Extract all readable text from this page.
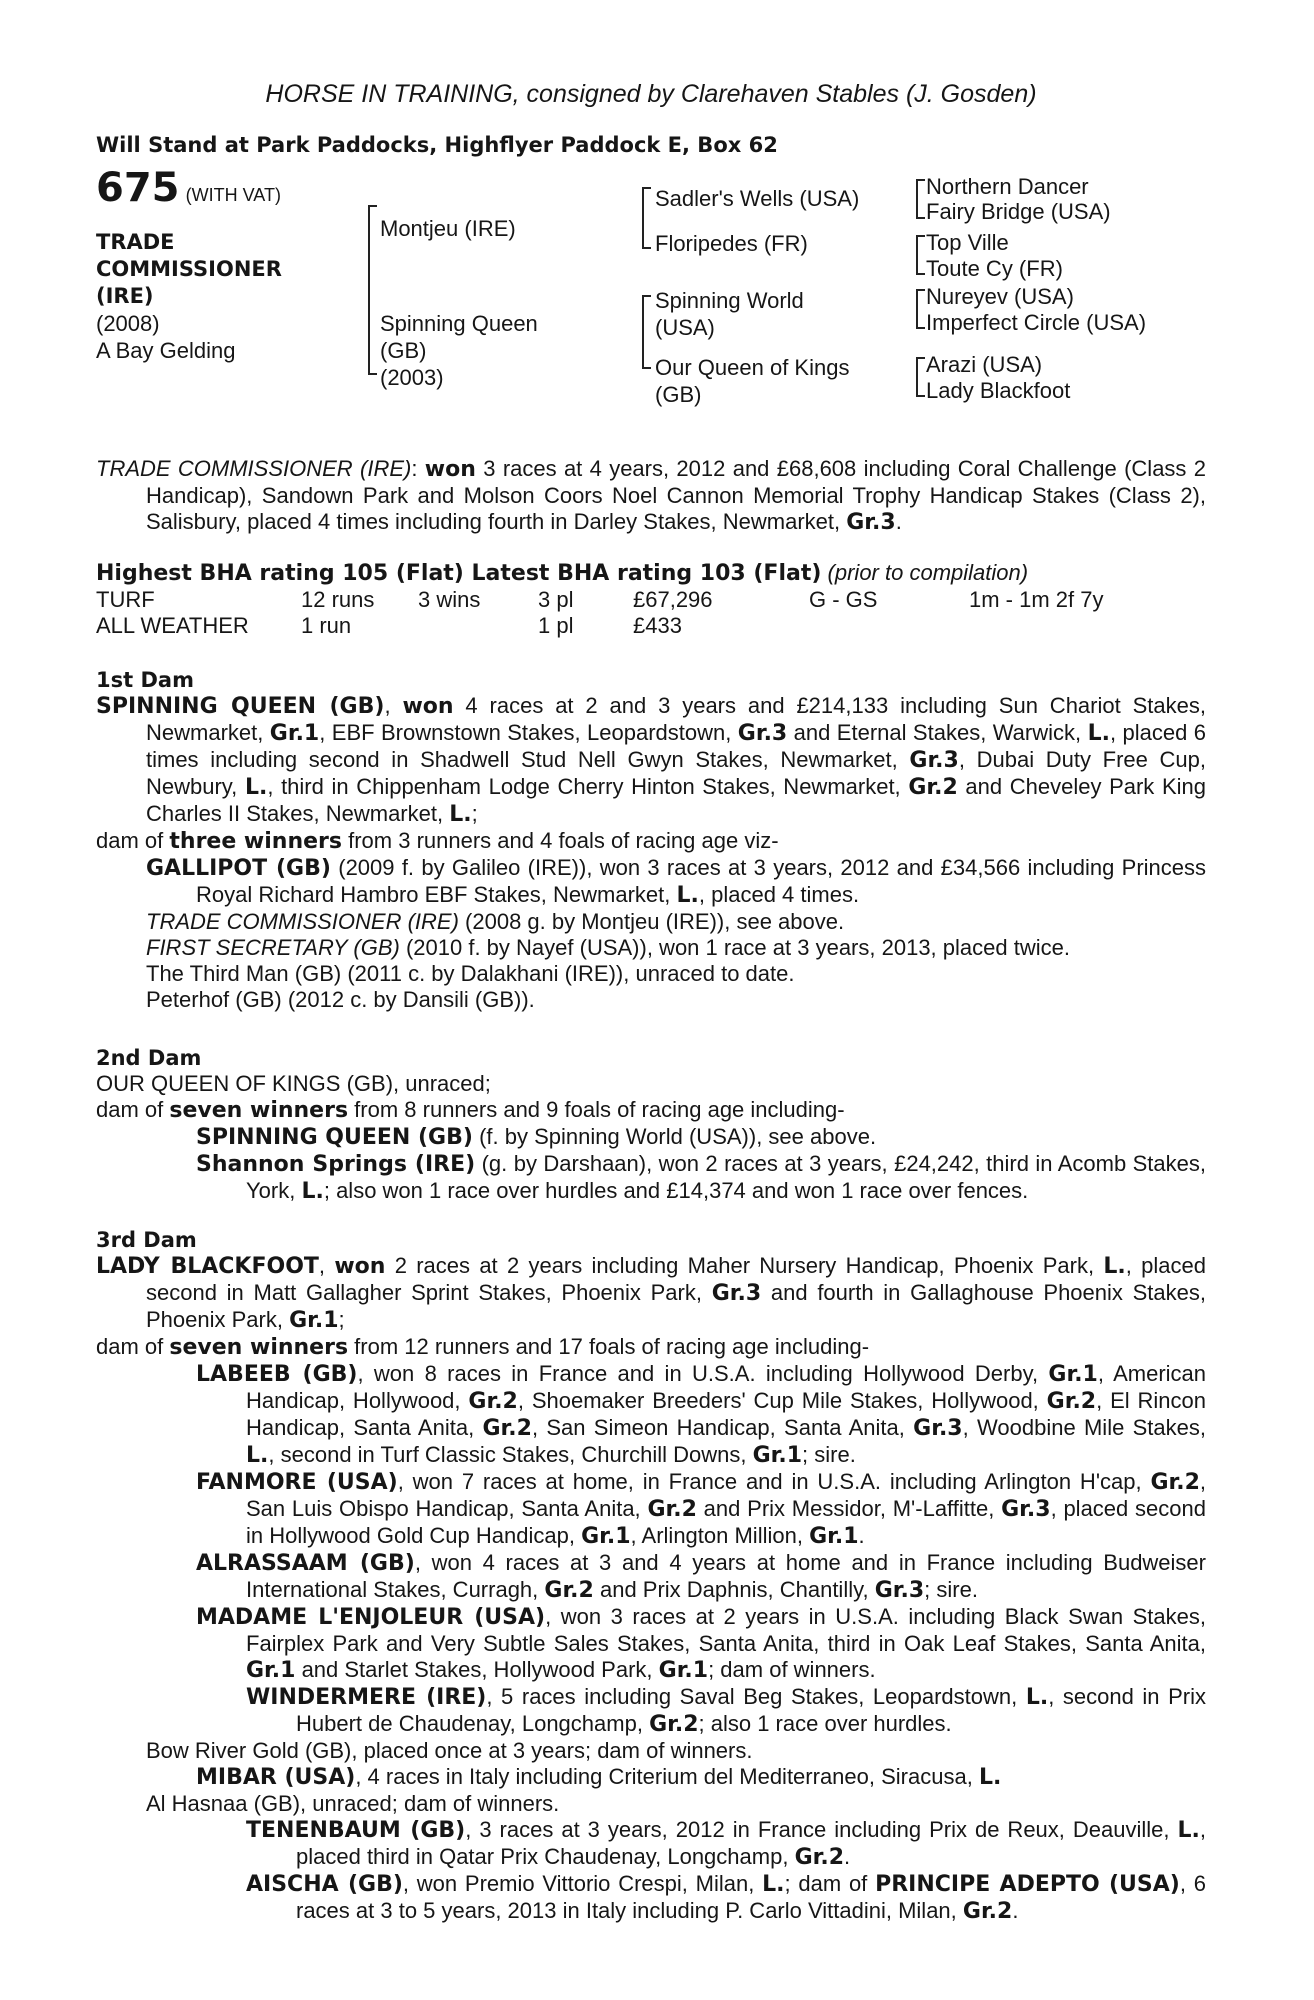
HORSE IN TRAINING, consigned by Clarehaven Stables (J. Gosden)
Will Stand at Park Paddocks, Highflyer Paddock E, Box 62
675 (WITH VAT)
TRADE
COMMISSIONER
(IRE)
(2008)
A Bay Gelding
Montjeu (IRE)
Spinning Queen
(GB)
(2003)
Sadler's Wells (USA)
Floripedes (FR)
Spinning World
(USA)
Our Queen of Kings
(GB)
Northern Dancer
Fairy Bridge (USA)
Top Ville
Toute Cy (FR)
Nureyev (USA)
Imperfect Circle (USA)
Arazi (USA)
Lady Blackfoot
TRADE COMMISSIONER (IRE): won 3 races at 4 years, 2012 and £68,608 including Coral Challenge (Class 2 Handicap), Sandown Park and Molson Coors Noel Cannon Memorial Trophy Handicap Stakes (Class 2), Salisbury, placed 4 times including fourth in Darley Stakes, Newmarket, Gr.3.
Highest BHA rating 105 (Flat) Latest BHA rating 103 (Flat) (prior to compilation)
TURF	12 runs	3 wins	3 pl	£67,296	G - GS	1m - 1m 2f 7y
ALL WEATHER	1 run		1 pl	£433		
1st Dam
SPINNING QUEEN (GB), won 4 races at 2 and 3 years and £214,133 including Sun Chariot Stakes, Newmarket, Gr.1, EBF Brownstown Stakes, Leopardstown, Gr.3 and Eternal Stakes, Warwick, L., placed 6 times including second in Shadwell Stud Nell Gwyn Stakes, Newmarket, Gr.3, Dubai Duty Free Cup, Newbury, L., third in Chippenham Lodge Cherry Hinton Stakes, Newmarket, Gr.2 and Cheveley Park King Charles II Stakes, Newmarket, L.;
dam of three winners from 3 runners and 4 foals of racing age viz-
GALLIPOT (GB) (2009 f. by Galileo (IRE)), won 3 races at 3 years, 2012 and £34,566 including Princess Royal Richard Hambro EBF Stakes, Newmarket, L., placed 4 times.
TRADE COMMISSIONER (IRE) (2008 g. by Montjeu (IRE)), see above.
FIRST SECRETARY (GB) (2010 f. by Nayef (USA)), won 1 race at 3 years, 2013, placed twice.
The Third Man (GB) (2011 c. by Dalakhani (IRE)), unraced to date.
Peterhof (GB) (2012 c. by Dansili (GB)).
2nd Dam
OUR QUEEN OF KINGS (GB), unraced;
dam of seven winners from 8 runners and 9 foals of racing age including-
SPINNING QUEEN (GB) (f. by Spinning World (USA)), see above.
Shannon Springs (IRE) (g. by Darshaan), won 2 races at 3 years, £24,242, third in Acomb Stakes, York, L.; also won 1 race over hurdles and £14,374 and won 1 race over fences.
3rd Dam
LADY BLACKFOOT, won 2 races at 2 years including Maher Nursery Handicap, Phoenix Park, L., placed second in Matt Gallagher Sprint Stakes, Phoenix Park, Gr.3 and fourth in Gallaghouse Phoenix Stakes, Phoenix Park, Gr.1;
dam of seven winners from 12 runners and 17 foals of racing age including-
LABEEB (GB), won 8 races in France and in U.S.A. including Hollywood Derby, Gr.1, American Handicap, Hollywood, Gr.2, Shoemaker Breeders' Cup Mile Stakes, Hollywood, Gr.2, El Rincon Handicap, Santa Anita, Gr.2, San Simeon Handicap, Santa Anita, Gr.3, Woodbine Mile Stakes, L., second in Turf Classic Stakes, Churchill Downs, Gr.1; sire.
FANMORE (USA), won 7 races at home, in France and in U.S.A. including Arlington H'cap, Gr.2, San Luis Obispo Handicap, Santa Anita, Gr.2 and Prix Messidor, M'-Laffitte, Gr.3, placed second in Hollywood Gold Cup Handicap, Gr.1, Arlington Million, Gr.1.
ALRASSAAM (GB), won 4 races at 3 and 4 years at home and in France including Budweiser International Stakes, Curragh, Gr.2 and Prix Daphnis, Chantilly, Gr.3; sire.
MADAME L'ENJOLEUR (USA), won 3 races at 2 years in U.S.A. including Black Swan Stakes, Fairplex Park and Very Subtle Sales Stakes, Santa Anita, third in Oak Leaf Stakes, Santa Anita, Gr.1 and Starlet Stakes, Hollywood Park, Gr.1; dam of winners.
WINDERMERE (IRE), 5 races including Saval Beg Stakes, Leopardstown, L., second in Prix Hubert de Chaudenay, Longchamp, Gr.2; also 1 race over hurdles.
Bow River Gold (GB), placed once at 3 years; dam of winners.
MIBAR (USA), 4 races in Italy including Criterium del Mediterraneo, Siracusa, L.
Al Hasnaa (GB), unraced; dam of winners.
TENENBAUM (GB), 3 races at 3 years, 2012 in France including Prix de Reux, Deauville, L., placed third in Qatar Prix Chaudenay, Longchamp, Gr.2.
AISCHA (GB), won Premio Vittorio Crespi, Milan, L.; dam of PRINCIPE ADEPTO (USA), 6 races at 3 to 5 years, 2013 in Italy including P. Carlo Vittadini, Milan, Gr.2.
